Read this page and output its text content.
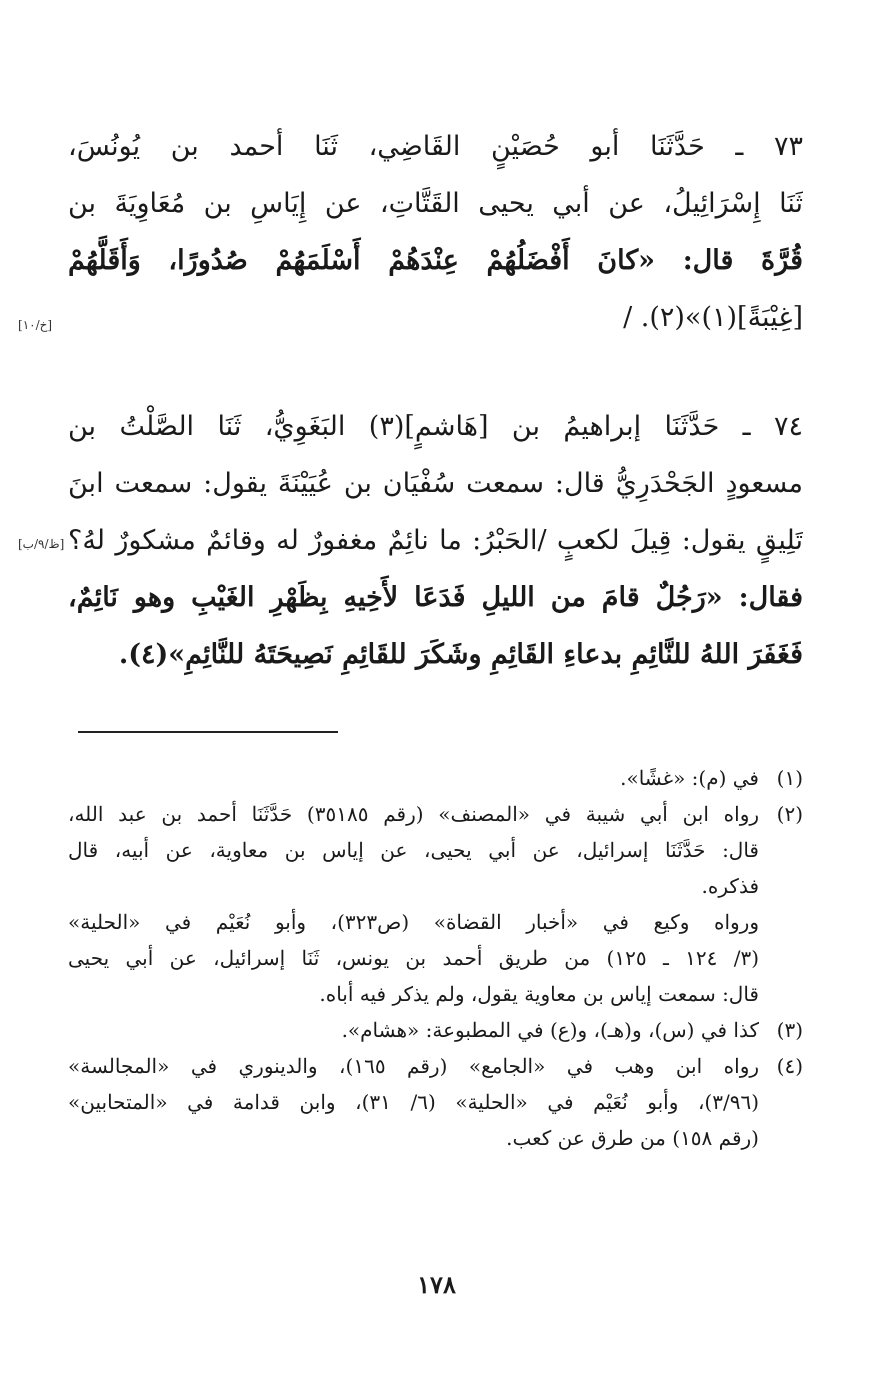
٧٣ ـ حَدَّثَنَا أبو حُصَيْنٍ القَاضِي، ثَنَا أحمد بن يُونُسَ،
ثَنَا إِسْرَائِيلُ، عن أبي يحيى القَتَّاتِ، عن إِيَاسِ بن مُعَاوِيَةَ بن
قُرَّةَ قال: «كانَ أَفْضَلُهُمْ عِنْدَهُمْ أَسْلَمَهُمْ صُدُورًا، وَأَقَلَّهُمْ
[غِيْبَةً](١)»(٢). /
٧٤ ـ حَدَّثَنَا إبراهيمُ بن [هَاشمٍ](٣) البَغَوِيُّ، ثَنَا الصَّلْتُ بن
مسعودٍ الجَحْدَرِيُّ قال: سمعت سُفْيَان بن عُيَيْنَةَ يقول: سمعت ابنَ
تَلِيقٍ يقول: قِيلَ لكعبٍ /الحَبْرُ: ما نائِمٌ مغفورٌ له وقائمٌ مشكورٌ لهُ؟
فقال: «رَجُلٌ قامَ من الليلِ فَدَعَا لأَخِيهِ بِظَهْرِ الغَيْبِ وهو نَائِمٌ،
فَغَفَرَ اللهُ للنَّائِمِ بدعاءِ القَائِمِ وشَكَرَ للقَائِمِ نَصِيحَتَهُ للنَّائِمِ»(٤).
[خ/١٠]
[ظ/٩/ب]
(١)في (م): «غشًا».
(٢)رواه ابن أبي شيبة في «المصنف» (رقم ٣٥١٨٥) حَدَّثَنَا أحمد بن عبد الله،
قال: حَدَّثَنَا إسرائيل، عن أبي يحيى، عن إياس بن معاوية، عن أبيه، قال
فذكره.
ورواه وكيع في «أخبار القضاة» (ص٣٢٣)، وأبو نُعَيْم في «الحلية»
(٣/ ١٢٤ ـ ١٢٥) من طريق أحمد بن يونس، ثَنَا إسرائيل، عن أبي يحيى
قال: سمعت إياس بن معاوية يقول، ولم يذكر فيه أباه.
(٣)كذا في (س)، و(هـ)، و(ع) في المطبوعة: «هشام».
(٤)رواه ابن وهب في «الجامع» (رقم ١٦٥)، والدينوري في «المجالسة»
(٣/٩٦)، وأبو نُعَيْم في «الحلية» (٦/ ٣١)، وابن قدامة في «المتحابين»
(رقم ١٥٨) من طرق عن كعب.
١٧٨
